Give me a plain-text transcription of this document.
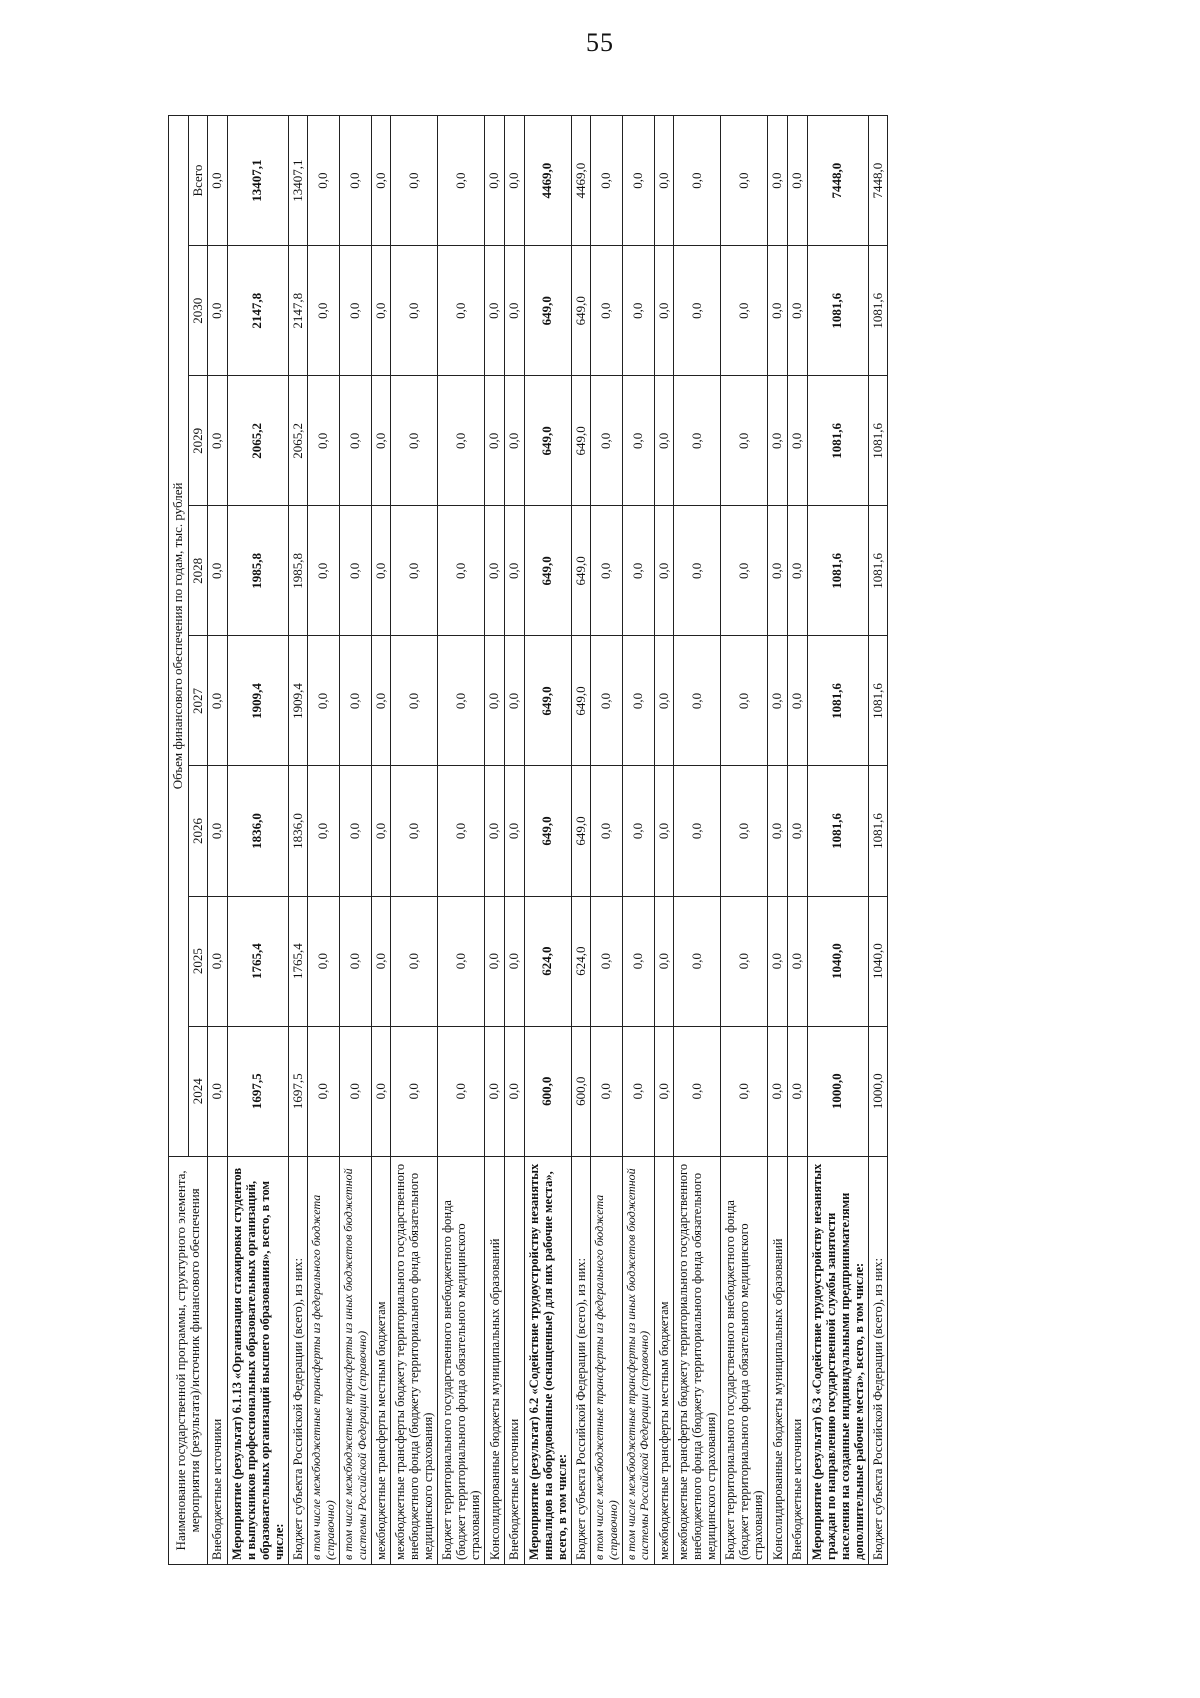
55
Наименование государственной программы, структурного элемента, мероприятия (результата)/источник финансового обеспечения	Объем финансового обеспечения по годам, тыс. рублей							
	2024	2025	2026	2027	2028	2029	2030	Всего
Внебюджетные источники	0,0	0,0	0,0	0,0	0,0	0,0	0,0	0,0
Мероприятие (результат) 6.1.13 «Организация стажировки студентов и выпускников профессиональных образовательных организаций, образовательных организаций высшего образования», всего, в том числе:	1697,5	1765,4	1836,0	1909,4	1985,8	2065,2	2147,8	13407,1
Бюджет субъекта Российской Федерации (всего), из них:	1697,5	1765,4	1836,0	1909,4	1985,8	2065,2	2147,8	13407,1
в том числе межбюджетные трансферты из федерального бюджета (справочно)	0,0	0,0	0,0	0,0	0,0	0,0	0,0	0,0
в том числе межбюджетные трансферты из иных бюджетов бюджетной системы Российской Федерации (справочно)	0,0	0,0	0,0	0,0	0,0	0,0	0,0	0,0
межбюджетные трансферты местным бюджетам	0,0	0,0	0,0	0,0	0,0	0,0	0,0	0,0
межбюджетные трансферты бюджету территориального государственного внебюджетного фонда (бюджету территориального фонда обязательного медицинского страхования)	0,0	0,0	0,0	0,0	0,0	0,0	0,0	0,0
Бюджет территориального государственного внебюджетного фонда (бюджет территориального фонда обязательного медицинского страхования)	0,0	0,0	0,0	0,0	0,0	0,0	0,0	0,0
Консолидированные бюджеты муниципальных образований	0,0	0,0	0,0	0,0	0,0	0,0	0,0	0,0
Внебюджетные источники	0,0	0,0	0,0	0,0	0,0	0,0	0,0	0,0
Мероприятие (результат) 6.2 «Содействие трудоустройству незанятых инвалидов на оборудованные (оснащенные) для них рабочие места», всего, в том числе:	600,0	624,0	649,0	649,0	649,0	649,0	649,0	4469,0
Бюджет субъекта Российской Федерации (всего), из них:	600,0	624,0	649,0	649,0	649,0	649,0	649,0	4469,0
в том числе межбюджетные трансферты из федерального бюджета (справочно)	0,0	0,0	0,0	0,0	0,0	0,0	0,0	0,0
в том числе межбюджетные трансферты из иных бюджетов бюджетной системы Российской Федерации (справочно)	0,0	0,0	0,0	0,0	0,0	0,0	0,0	0,0
межбюджетные трансферты местным бюджетам	0,0	0,0	0,0	0,0	0,0	0,0	0,0	0,0
межбюджетные трансферты бюджету территориального государственного внебюджетного фонда (бюджету территориального фонда обязательного медицинского страхования)	0,0	0,0	0,0	0,0	0,0	0,0	0,0	0,0
Бюджет территориального государственного внебюджетного фонда (бюджет территориального фонда обязательного медицинского страхования)	0,0	0,0	0,0	0,0	0,0	0,0	0,0	0,0
Консолидированные бюджеты муниципальных образований	0,0	0,0	0,0	0,0	0,0	0,0	0,0	0,0
Внебюджетные источники	0,0	0,0	0,0	0,0	0,0	0,0	0,0	0,0
Мероприятие (результат) 6.3 «Содействие трудоустройству незанятых граждан по направлению государственной службы занятости населения на созданные индивидуальными предпринимателями дополнительные рабочие места», всего, в том числе:	1000,0	1040,0	1081,6	1081,6	1081,6	1081,6	1081,6	7448,0
Бюджет субъекта Российской Федерации (всего), из них:	1000,0	1040,0	1081,6	1081,6	1081,6	1081,6	1081,6	7448,0
